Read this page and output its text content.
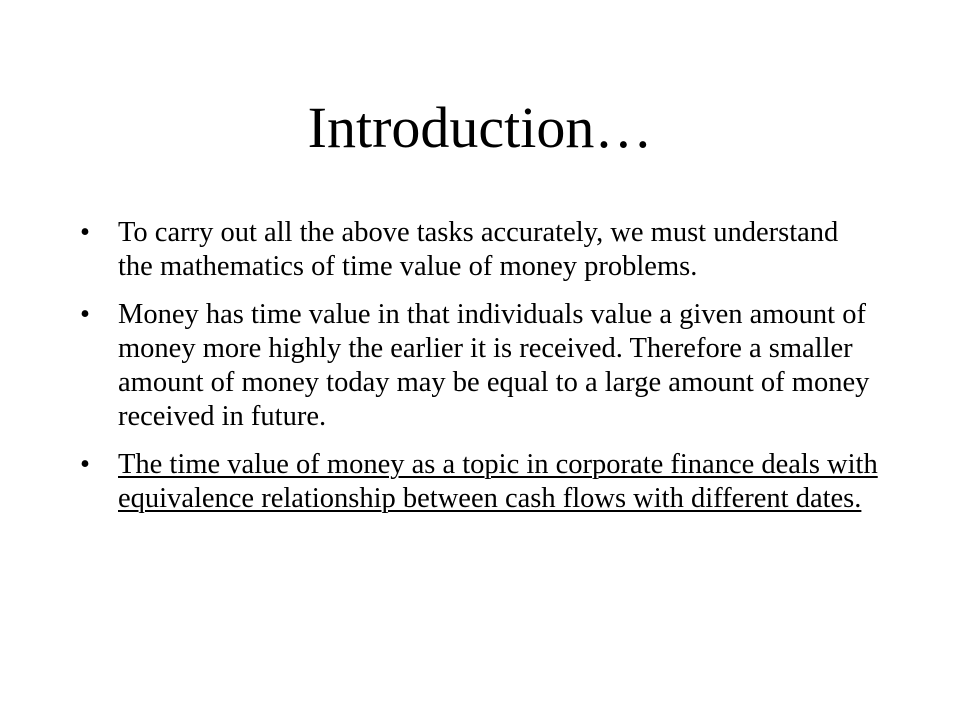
Introduction…
• To carry out all the above tasks accurately, we must understand the mathematics of time value of money problems.
• Money has time value in that individuals value a given amount of money more highly the earlier it is received. Therefore a smaller amount of money today may be equal to a large amount of money received in future.
• The time value of money as a topic in corporate finance deals with equivalence relationship between cash flows with different dates.
